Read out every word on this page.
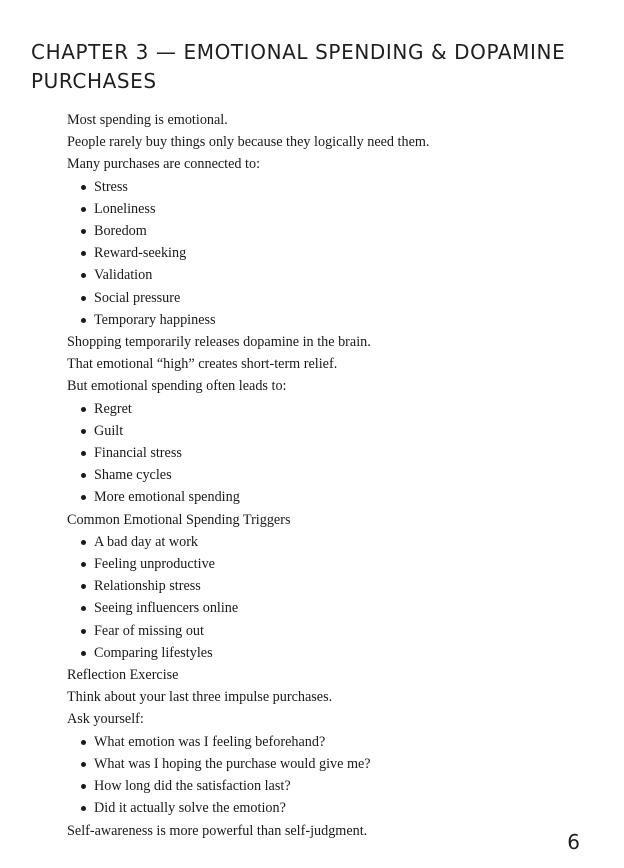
CHAPTER 3 — EMOTIONAL SPENDING & DOPAMINE PURCHASES

Most spending is emotional.

People rarely buy things only because they logically need them.

Many purchases are connected to:

Stress
Loneliness
Boredom
Reward-seeking
Validation
Social pressure
Temporary happiness

Shopping temporarily releases dopamine in the brain.

That emotional “high” creates short-term relief.

But emotional spending often leads to:

Regret
Guilt
Financial stress
Shame cycles
More emotional spending

Common Emotional Spending Triggers

A bad day at work
Feeling unproductive
Relationship stress
Seeing influencers online
Fear of missing out
Comparing lifestyles

Reflection Exercise

Think about your last three impulse purchases.

Ask yourself:

What emotion was I feeling beforehand?
What was I hoping the purchase would give me?
How long did the satisfaction last?
Did it actually solve the emotion?

Self-awareness is more powerful than self-judgment.	6
